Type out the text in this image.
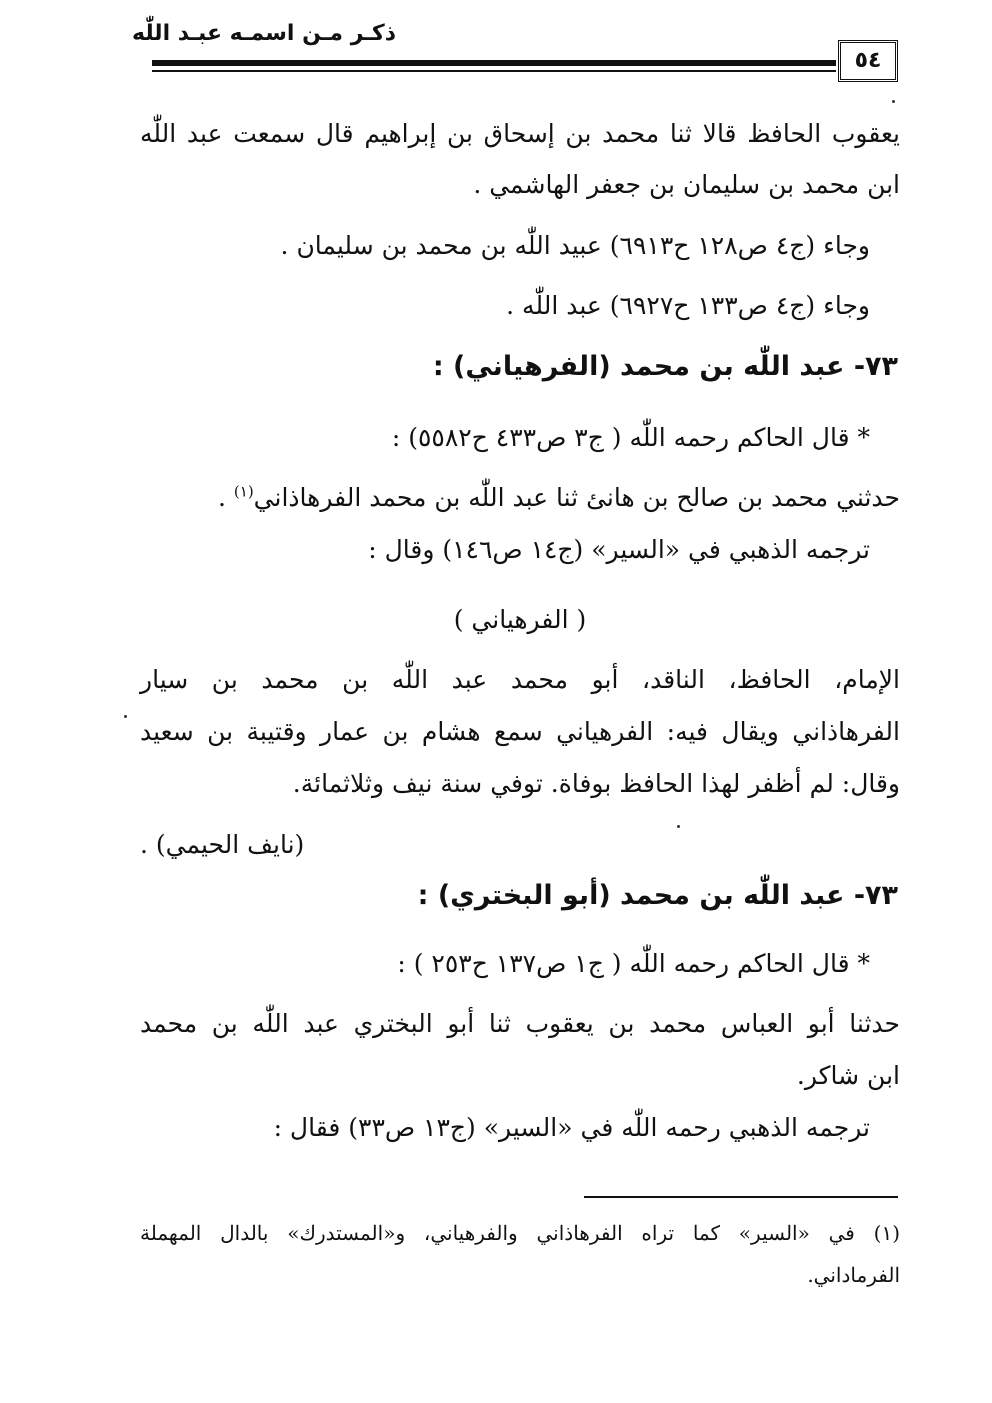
ذكـر مـن اسمـه عبـد اللّٰه
٥٤
يعقوب الحافظ قالا ثنا محمد بن إسحاق بن إبراهيم قال سمعت عبد اللّٰه
ابن محمد بن سليمان بن جعفر الهاشمي .
وجاء (ج٤ ص١٢٨ ح٦٩١٣) عبيد اللّٰه بن محمد بن سليمان .
وجاء (ج٤ ص١٣٣ ح٦٩٢٧) عبد اللّٰه .
٧٣- عبد اللّٰه بن محمد (الفرهياني) :
* قال الحاكم رحمه اللّٰه ( ج٣ ص٤٣٣ ح٥٥٨٢) :
حدثني محمد بن صالح بن هانئ ثنا عبد اللّٰه بن محمد الفرهاذاني$^{(١)}$ .
ترجمه الذهبي في «السير» (ج١٤ ص١٤٦) وقال :
( الفرهياني )
الإمام، الحافظ، الناقد، أبو محمد عبد اللّٰه بن محمد بن سيار
الفرهاذاني ويقال فيه: الفرهياني سمع هشام بن عمار وقتيبة بن سعيد
وقال: لم أظفر لهذا الحافظ بوفاة. توفي سنة نيف وثلاثمائة.
(نايف الحيمي) .
٧٣- عبد اللّٰه بن محمد (أبو البختري) :
* قال الحاكم رحمه اللّٰه ( ج١ ص١٣٧ ح٢٥٣ ) :
حدثنا أبو العباس محمد بن يعقوب ثنا أبو البختري عبد اللّٰه بن محمد
ابن شاكر.
ترجمه الذهبي رحمه اللّٰه في «السير» (ج١٣ ص٣٣) فقال :
(١) في «السير» كما تراه الفرهاذاني والفرهياني، و«المستدرك» بالدال المهملة
الفرماداني.
